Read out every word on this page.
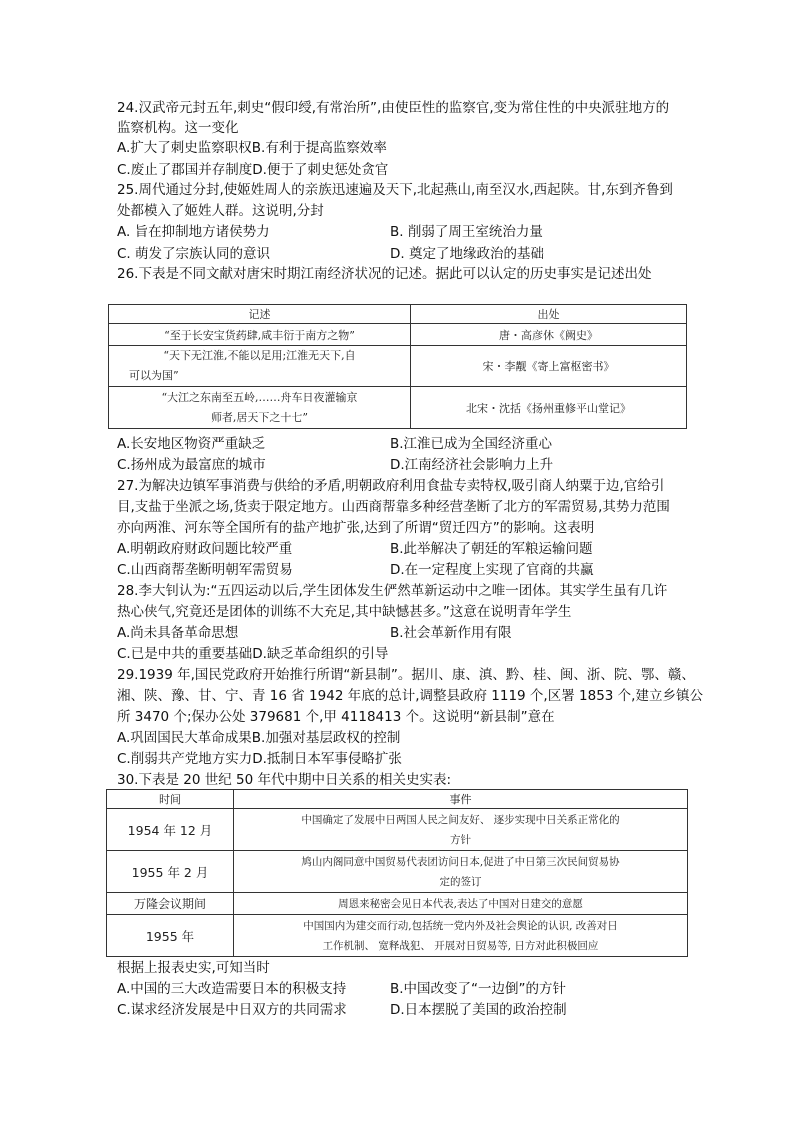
24.汉武帝元封五年,刺史“假印绶,有常治所”,由使臣性的监察官,变为常住性的中央派驻地方的
监察机构。这一变化
A.扩大了刺史监察职权B.有利于提高监察效率
C.废止了郡国并存制度D.便于了刺史惩处贪官
25.周代通过分封,使姬姓周人的亲族迅速遍及天下,北起燕山,南至汉水,西起陕。甘,东到齐鲁到
处都模入了姬姓人群。这说明,分封
A. 旨在抑制地方诸侯势力	B. 削弱了周王室统治力量
C. 萌发了宗族认同的意识	D. 奠定了地缘政治的基础
26.下表是不同文献对唐宋时期江南经济状况的记述。据此可以认定的历史事实是记述出处
记述	出处

“至于长安宝货药肆,咸丰衍于南方之物”	唐・高彦休《阙史》

“天下无江淮,不能以足用;江淮无天下,自
可以为国”	宋・李觏《寄上富枢密书》

“大江之东南至五岭,……舟车日夜灌输京
师者,居天下之十七”	北宋・沈括《扬州重修平山堂记》
A.长安地区物资严重缺乏	B.江淮已成为全国经济重心
C.扬州成为最富庶的城市	D.江南经济社会影响力上升
27.为解决边镇军事消费与供给的矛盾,明朝政府利用食盐专卖特权,吸引商人纳粟于边,官给引
目,支盐于坐派之场,货卖于限定地方。山西商帮靠多种经营垄断了北方的军需贸易,其势力范围
亦向两淮、河东等全国所有的盐产地扩张,达到了所谓“贸迁四方”的影响。这表明
A.明朝政府财政问题比较严重	B.此举解决了朝廷的军粮运输问题
C.山西商帮垄断明朝军需贸易	D.在一定程度上实现了官商的共赢
28.李大钊认为:“五四运动以后,学生团体发生俨然革新运动中之唯一团体。其实学生虽有几许
热心侠气,究竟还是团体的训练不大充足,其中缺憾甚多。”这意在说明青年学生
A.尚未具备革命思想	B.社会革新作用有限
C.已是中共的重要基础D.缺乏革命组织的引导
29.1939 年,国民党政府开始推行所谓“新县制”。据川、康、滇、黔、桂、闽、浙、院、鄂、赣、
湘、陕、豫、甘、宁、青 16 省 1942 年底的总计,调整县政府 1119 个,区署 1853 个,建立乡镇公
所 3470 个;保办公处 379681 个,甲 4118413 个。这说明“新县制”意在
A.巩固国民大革命成果B.加强对基层政权的控制
C.削弱共产党地方实力D.抵制日本军事侵略扩张
30.下表是 20 世纪 50 年代中期中日关系的相关史实表:
时间	事件
1954 年 12 月	中国确定了发展中日两国人民之间友好、 逐步实现中日关系正常化的
方针

1955 年 2 月	鸠山内阁同意中国贸易代表团访问日本,促进了中日第三次民间贸易协
定的签订

万隆会议期间	周恩来秘密会见日本代表,表达了中国对日建交的意愿
1955 年	中国国内为建交而行动,包括统一党内外及社会舆论的认识, 改善对日
工作机制、 宽释战犯、 开展对日贸易等, 日方对此积极回应
根据上报表史实,可知当时
A.中国的三大改造需要日本的积极支持	B.中国改变了“一边倒”的方针
C.谋求经济发展是中日双方的共同需求	D.日本摆脱了美国的政治控制
